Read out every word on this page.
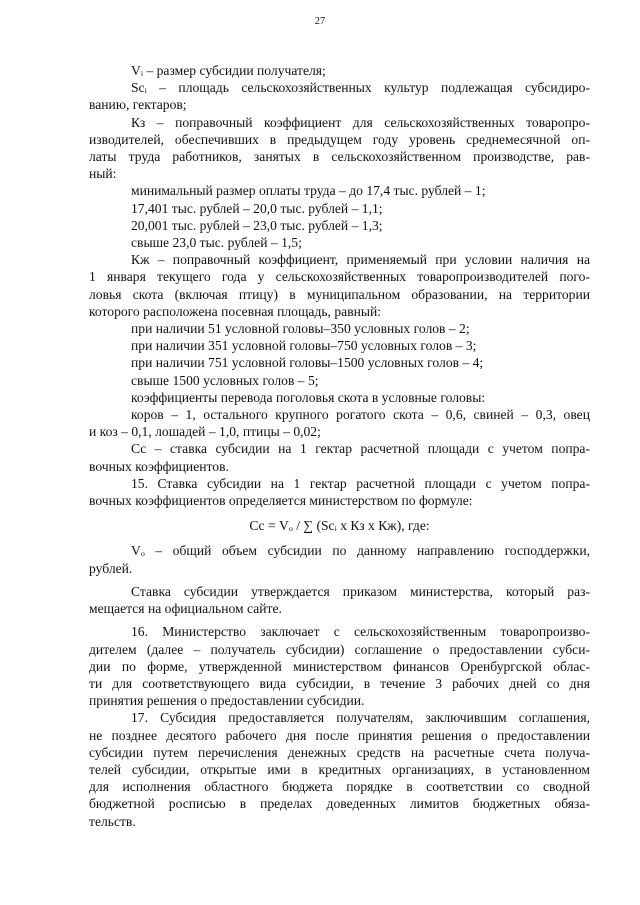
27
Vᵢ – размер субсидии получателя;
Sсᵢ – площадь сельскохозяйственных культур подлежащая субсидиро-
ванию, гектаров;
Кз – поправочный коэффициент для сельскохозяйственных товаропро-
изводителей, обеспечивших в предыдущем году уровень среднемесячной оп-
латы труда работников, занятых в сельскохозяйственном производстве, рав-
ный:
минимальный размер оплаты труда – до 17,4 тыс. рублей – 1;
17,401 тыс. рублей – 20,0 тыс. рублей – 1,1;
20,001 тыс. рублей – 23,0 тыс. рублей – 1,3;
свыше 23,0 тыс. рублей – 1,5;
Кж – поправочный коэффициент, применяемый при условии наличия на
1 января текущего года у сельскохозяйственных товаропроизводителей пого-
ловья скота (включая птицу) в муниципальном образовании, на территории
которого расположена посевная площадь, равный:
при наличии 51 условной головы–350 условных голов – 2;
при наличии 351 условной головы–750 условных голов – 3;
при наличии 751 условной головы–1500 условных голов – 4;
свыше 1500 условных голов – 5;
коэффициенты перевода поголовья скота в условные головы:
коров – 1, остального крупного рогатого скота – 0,6, свиней – 0,3, овец
и коз – 0,1, лошадей – 1,0, птицы – 0,02;
Сс – ставка субсидии на 1 гектар расчетной площади с учетом попра-
вочных коэффициентов.
15. Ставка субсидии на 1 гектар расчетной площади с учетом попра-
вочных коэффициентов определяется министерством по формуле:
Сс = Vₒ / ∑ (Sсᵢ x Кз x Кж), где:
Vₒ – общий объем субсидии по данному направлению господдержки,
рублей.
Ставка субсидии утверждается приказом министерства, который раз-
мещается на официальном сайте.
16. Министерство заключает с сельскохозяйственным товаропроизво-
дителем (далее – получатель субсидии) соглашение о предоставлении субси-
дии по форме, утвержденной министерством финансов Оренбургской облас-
ти для соответствующего вида субсидии, в течение 3 рабочих дней со дня
принятия решения о предоставлении субсидии.
17. Субсидия предоставляется получателям, заключившим соглашения,
не позднее десятого рабочего дня после принятия решения о предоставлении
субсидии путем перечисления денежных средств на расчетные счета получа-
телей субсидии, открытые ими в кредитных организациях, в установленном
для исполнения областного бюджета порядке в соответствии со сводной
бюджетной росписью в пределах доведенных лимитов бюджетных обяза-
тельств.
